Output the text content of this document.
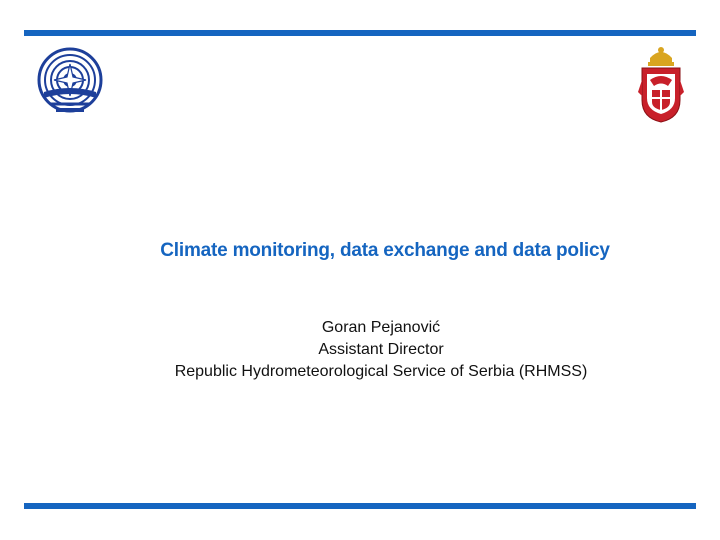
Climate monitoring, data exchange and data policy
Goran Pejanović
Assistant Director
Republic Hydrometeorological Service of Serbia (RHMSS)
